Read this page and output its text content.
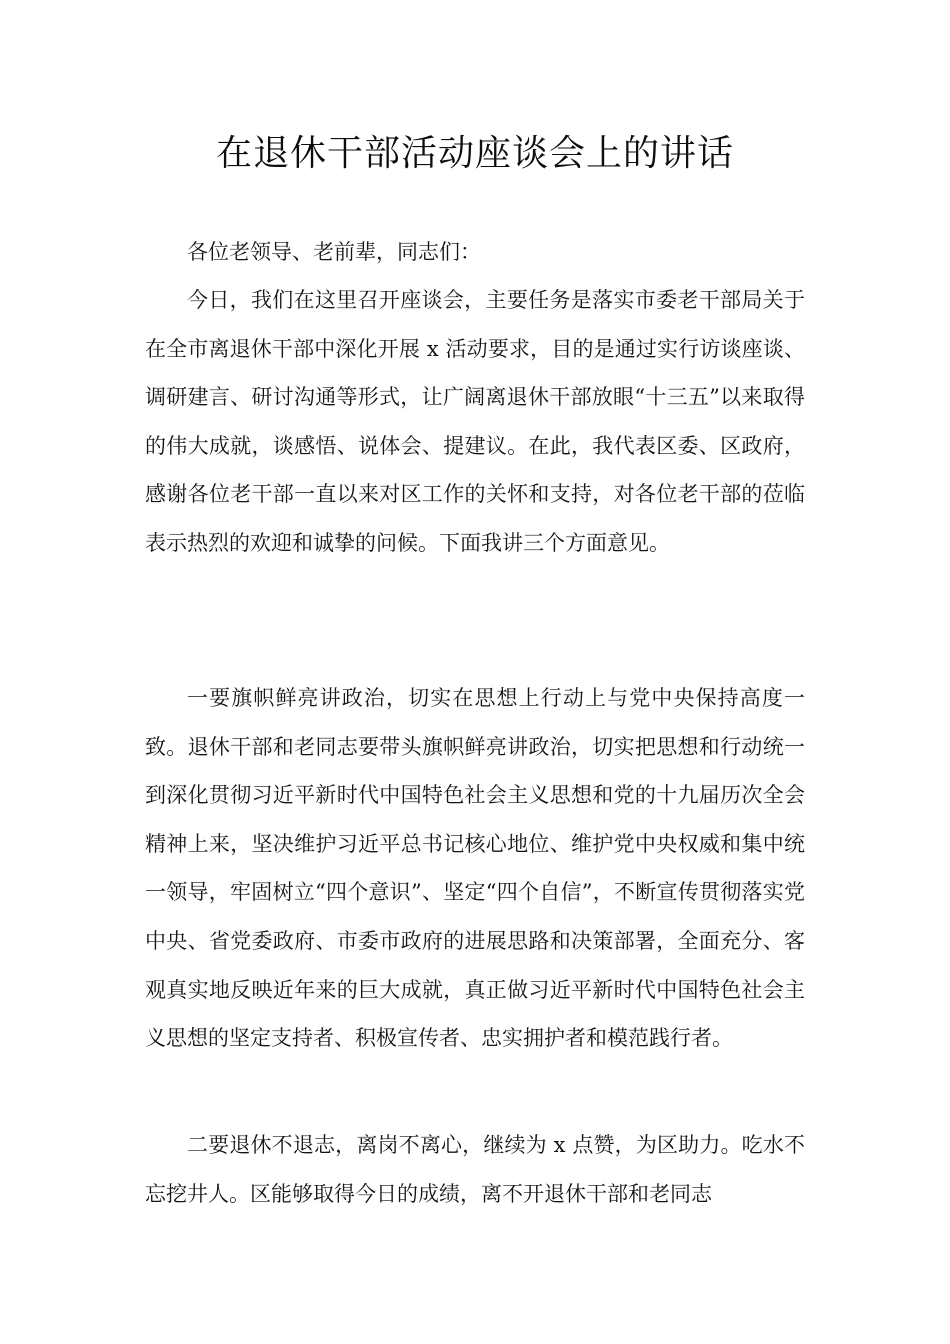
在退休干部活动座谈会上的讲话

各位老领导、老前辈，同志们：

今日，我们在这里召开座谈会，主要任务是落实市委老干部局关于在全市离退休干部中深化开展 x 活动要求，目的是通过实行访谈座谈、调研建言、研讨沟通等形式，让广阔离退休干部放眼“十三五”以来取得的伟大成就，谈感悟、说体会、提建议。在此，我代表区委、区政府，感谢各位老干部一直以来对区工作的关怀和支持，对各位老干部的莅临表示热烈的欢迎和诚挚的问候。下面我讲三个方面意见。

一要旗帜鲜亮讲政治，切实在思想上行动上与党中央保持高度一致。退休干部和老同志要带头旗帜鲜亮讲政治，切实把思想和行动统一到深化贯彻习近平新时代中国特色社会主义思想和党的十九届历次全会精神上来，坚决维护习近平总书记核心地位、维护党中央权威和集中统一领导，牢固树立“四个意识”、坚定“四个自信”，不断宣传贯彻落实党中央、省党委政府、市委市政府的进展思路和决策部署，全面充分、客观真实地反映近年来的巨大成就，真正做习近平新时代中国特色社会主义思想的坚定支持者、积极宣传者、忠实拥护者和模范践行者。

二要退休不退志，离岗不离心，继续为 x 点赞，为区助力。吃水不忘挖井人。区能够取得今日的成绩，离不开退休干部和老同志
